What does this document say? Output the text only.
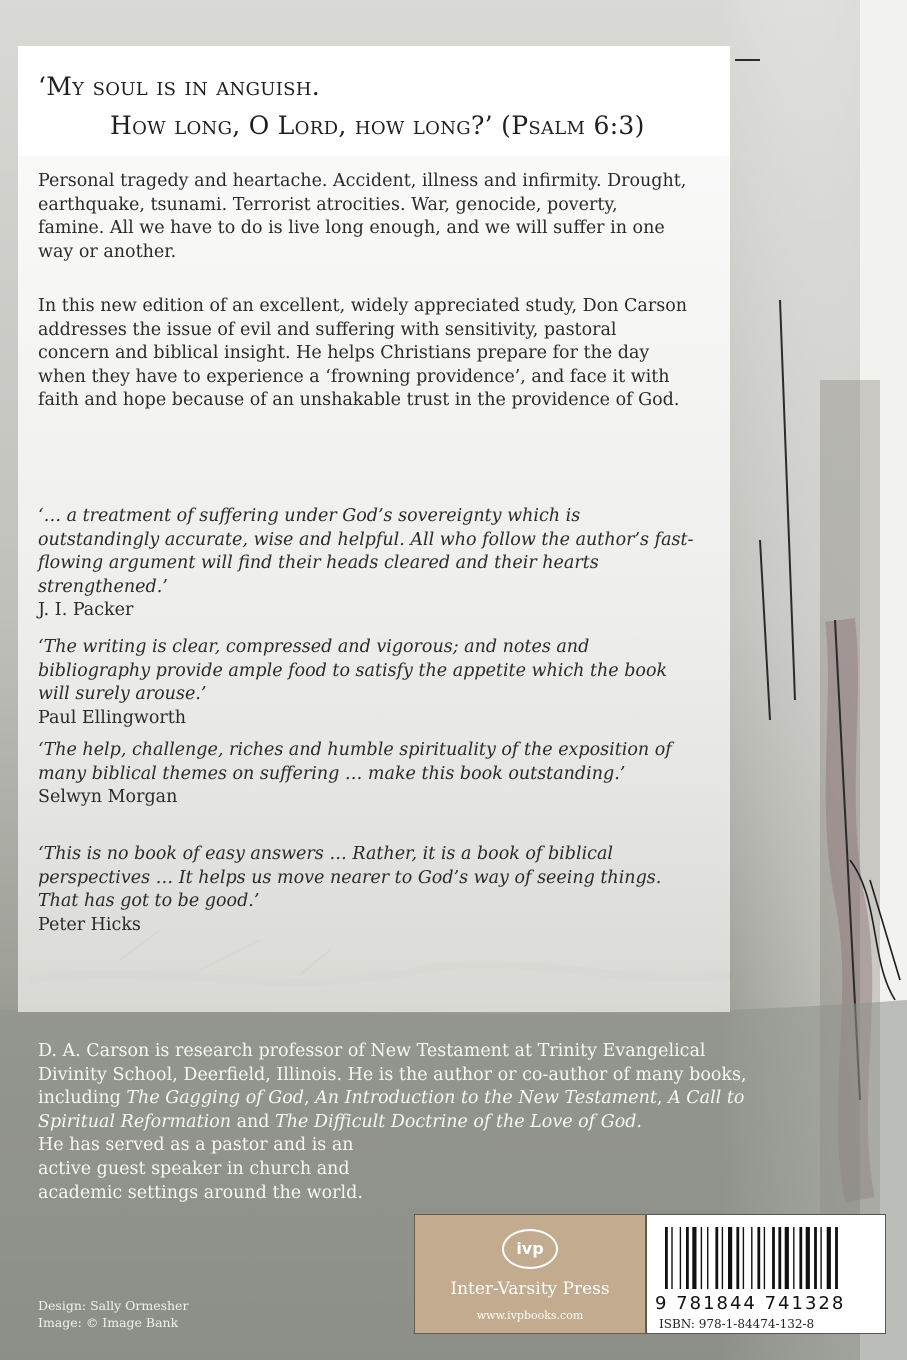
‘My soul is in anguish.

How long, O Lord, how long?’ (Psalm 6:3)

Personal tragedy and heartache. Accident, illness and infirmity. Drought, earthquake, tsunami. Terrorist atrocities. War, genocide, poverty, famine. All we have to do is live long enough, and we will suffer in one way or another.

In this new edition of an excellent, widely appreciated study, Don Carson addresses the issue of evil and suffering with sensitivity, pastoral concern and biblical insight. He helps Christians prepare for the day when they have to experience a ‘frowning providence’, and face it with faith and hope because of an unshakable trust in the providence of God.

‘… a treatment of suffering under God’s sovereignty which is outstandingly accurate, wise and helpful. All who follow the author’s fast-flowing argument will find their heads cleared and their hearts strengthened.’
J. I. Packer
‘The writing is clear, compressed and vigorous; and notes and bibliography provide ample food to satisfy the appetite which the book will surely arouse.’
Paul Ellingworth
‘The help, challenge, riches and humble spirituality of the exposition of many biblical themes on suffering … make this book outstanding.’
Selwyn Morgan
‘This is no book of easy answers … Rather, it is a book of biblical perspectives … It helps us move nearer to God’s way of seeing things. That has got to be good.’
Peter Hicks

D. A. Carson is research professor of New Testament at Trinity Evangelical Divinity School, Deerfield, Illinois. He is the author or co-author of many books, including The Gagging of God, An Introduction to the New Testament, A Call to Spiritual Reformation and The Difficult Doctrine of the Love of God.
He has served as a pastor and is an
active guest speaker in church and
academic settings around the world.

Design: Sally Ormesher
Image: © Image Bank

ivp
Inter-Varsity Press
www.ivpbooks.com
9 781844 741328
ISBN: 978-1-84474-132-8
